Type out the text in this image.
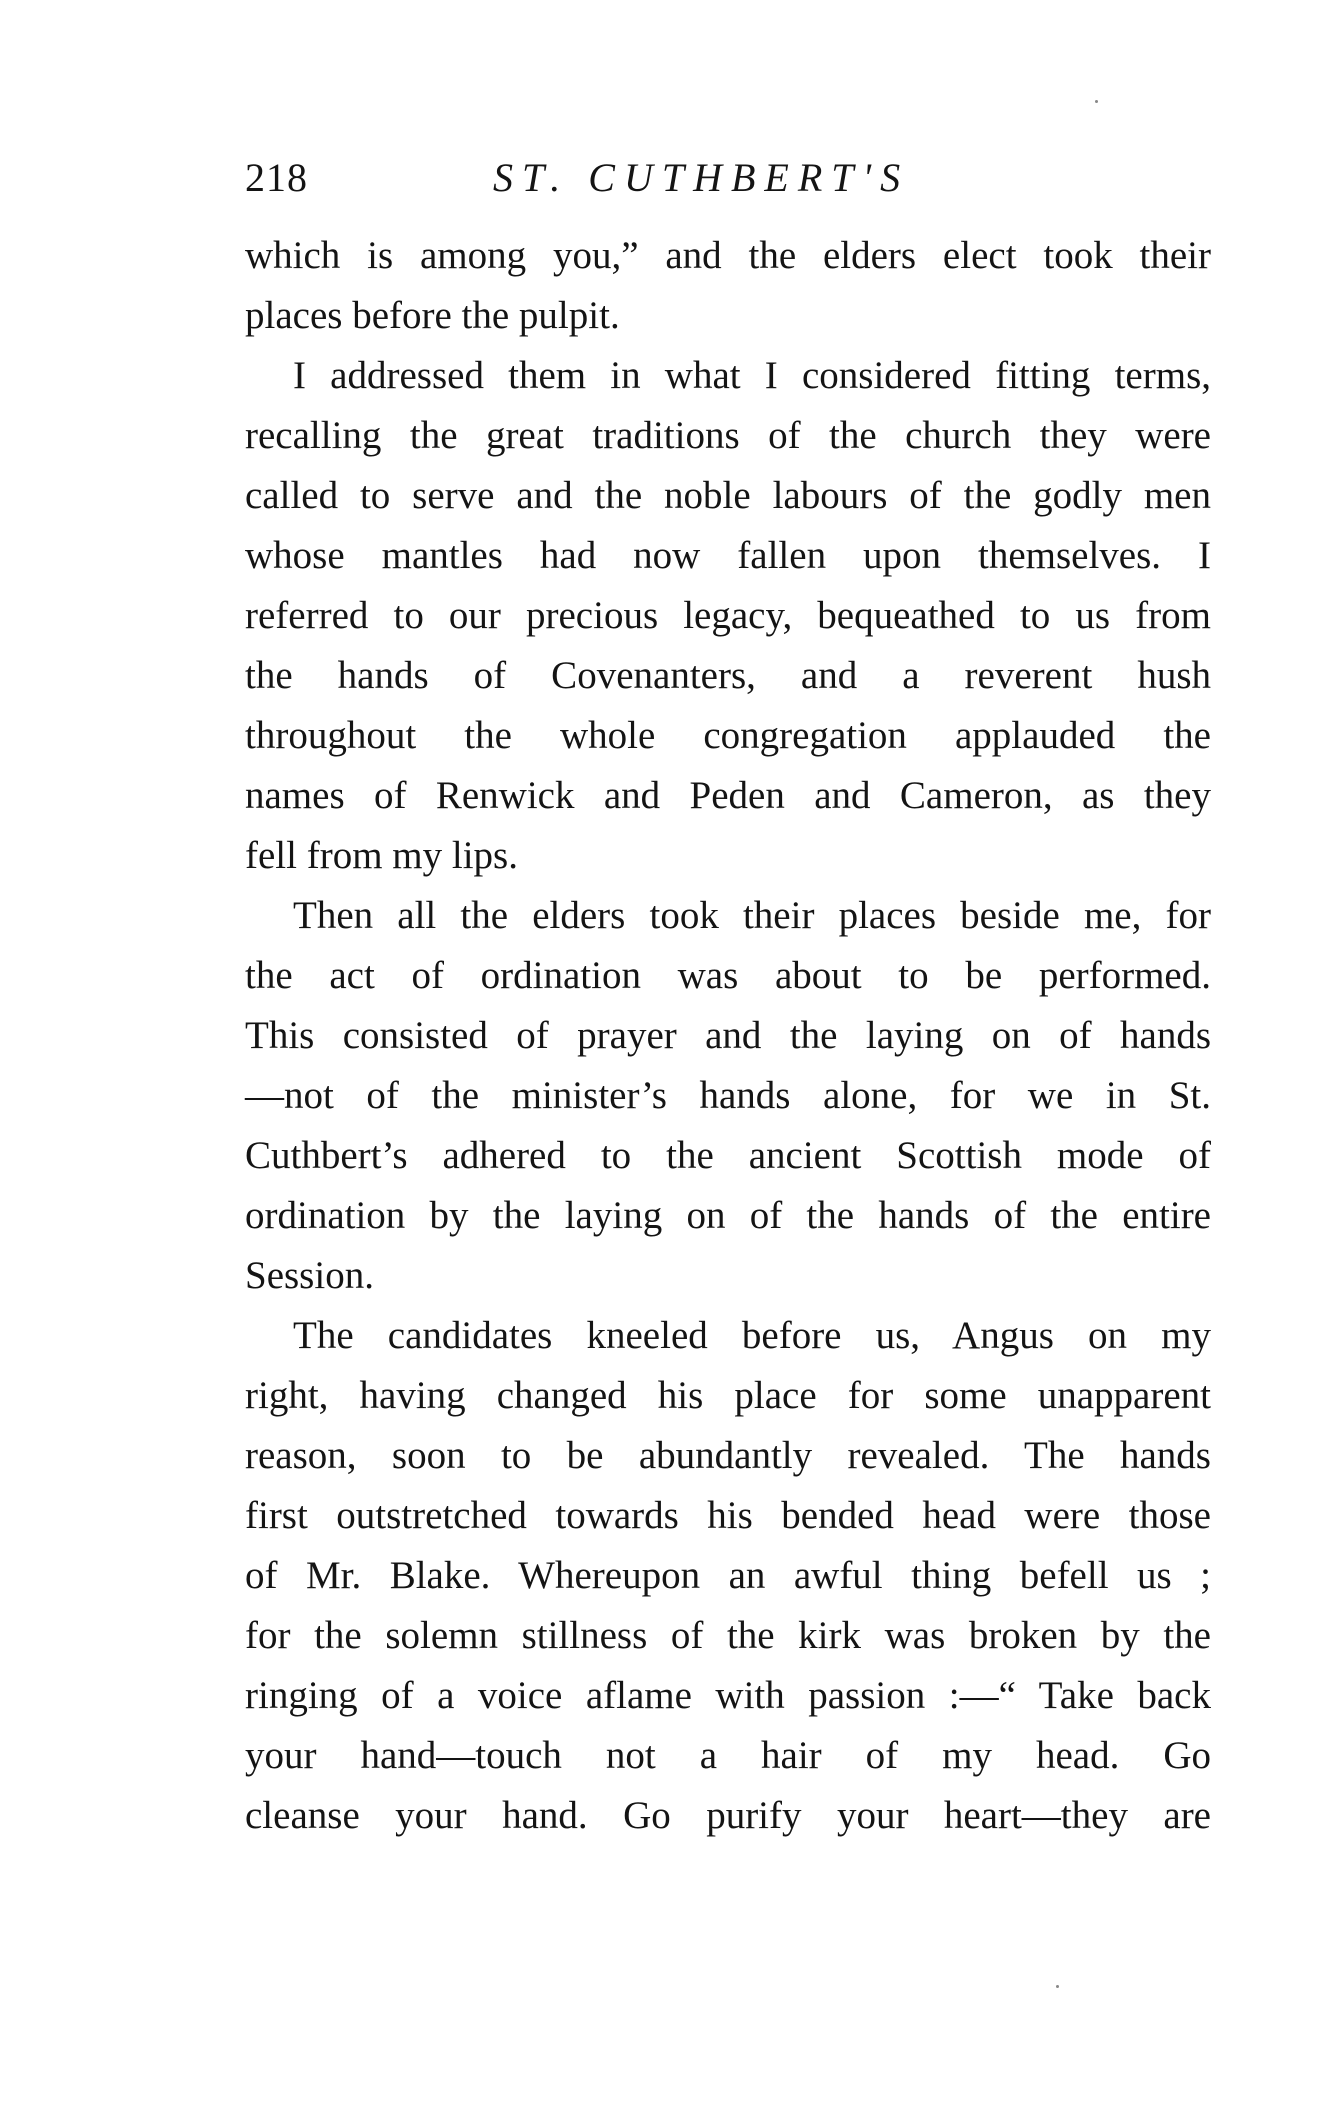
218	ST. CUTHBERT'S
which is among you,” and the elders elect took their
places before the pulpit.
I addressed them in what I considered fitting terms,
recalling the great traditions of the church they were
called to serve and the noble labours of the godly men
whose mantles had now fallen upon themselves. I
referred to our precious legacy, bequeathed to us from
the hands of Covenanters, and a reverent hush
throughout the whole congregation applauded the
names of Renwick and Peden and Cameron, as they
fell from my lips.
Then all the elders took their places beside me, for
the act of ordination was about to be performed.
This consisted of prayer and the laying on of hands
—not of the minister’s hands alone, for we in St.
Cuthbert’s adhered to the ancient Scottish mode of
ordination by the laying on of the hands of the entire
Session.
The candidates kneeled before us, Angus on my
right, having changed his place for some unapparent
reason, soon to be abundantly revealed. The hands
first outstretched towards his bended head were those
of Mr. Blake. Whereupon an awful thing befell us ;
for the solemn stillness of the kirk was broken by the
ringing of a voice aflame with passion :—“ Take back
your hand—touch not a hair of my head. Go
cleanse your hand. Go purify your heart—they are
